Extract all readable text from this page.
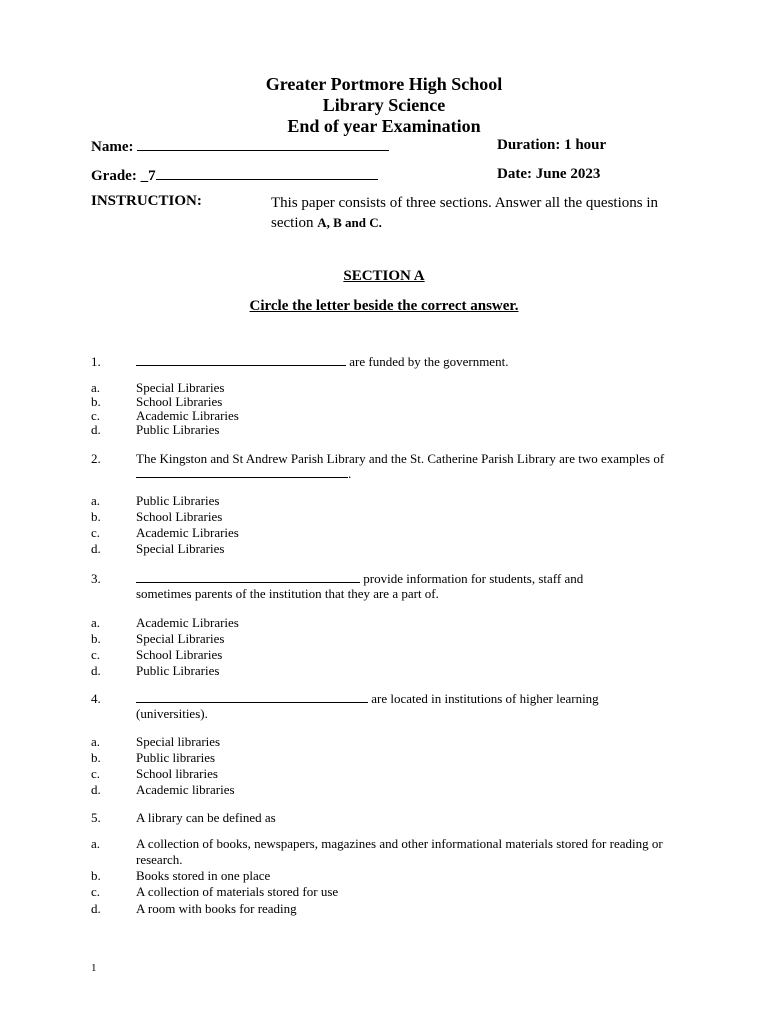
Greater Portmore High School
Library Science
End of year Examination
Name:	Duration: 1 hour
Grade: _7	Date: June 2023
INSTRUCTION:	This paper consists of three sections. Answer all the questions in section A, B and C.
SECTION A
Circle the letter beside the correct answer.
1.	are funded by the government.
a.	Special Libraries
b.	School Libraries
c.	Academic Libraries
d.	Public Libraries
2.	The Kingston and St Andrew Parish Library and the St. Catherine Parish Library are two examples of .
a.	Public Libraries
b.	School Libraries
c.	Academic Libraries
d.	Special Libraries
3.	provide information for students, staff and sometimes parents of the institution that they are a part of.
a.	Academic Libraries
b.	Special Libraries
c.	School Libraries
d.	Public Libraries
4.	are located in institutions of higher learning (universities).
a.	Special libraries
b.	Public libraries
c.	School libraries
d.	Academic libraries
5.	A library can be defined as
a.	A collection of books, newspapers, magazines and other informational materials stored for reading or research.
b.	Books stored in one place
c.	A collection of materials stored for use
d.	A room with books for reading
1
